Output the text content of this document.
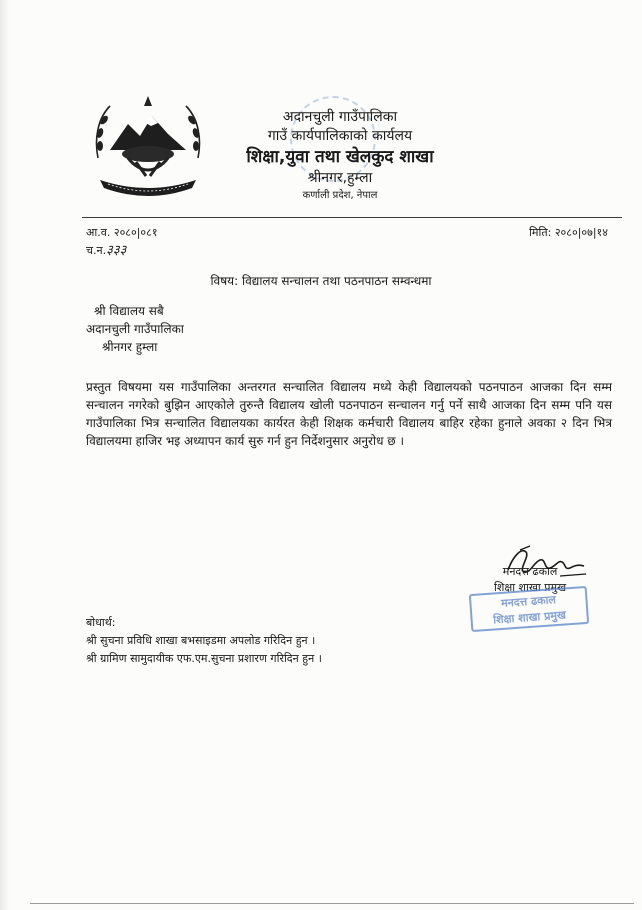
अदानचुली गाउँपालिका
गाउँ कार्यपालिकाको कार्यलय
शिक्षा,युवा तथा खेलकुद शाखा
श्रीनगर,हुम्ला
कर्णाली प्रदेश, नेपाल
आ.व. २०८०|०८१
च.न.३३३
मिति: २०८०|०७|१४
विषय: विद्यालय सन्चालन तथा पठनपाठन सम्वन्धमा
श्री विद्यालय सबै
अदानचुली गाउँपालिका
श्रीनगर हुम्ला
प्रस्तुत विषयमा यस गाउँपालिका अन्तरगत सन्चालित विद्यालय मध्ये केही विद्यालयको पठनपाठन आजका दिन सम्म सन्चालन नगरेको बुझिन आएकोले तुरुन्तै विद्यालय खोली पठनपाठन सन्चालन गर्नु पर्ने साथै आजका दिन सम्म पनि यस गाउँपालिका भित्र सन्चालित विद्यालयका कार्यरत केही शिक्षक कर्मचारी विद्यालय बाहिर रहेका हुनाले अवका २ दिन भित्र विद्यालयमा हाजिर भइ अध्यापन कार्य सुरु गर्न हुन निर्देशनुसार अनुरोध छ ।
मनदत्त ढकाल
शिक्षा शाखा प्रमुख
मनदत्त ढकाल
शिक्षा शाखा प्रमुख
बोधार्थ:
श्री सुचना प्रविधि शाखा बभसाइडमा अपलोड गरिदिन हुन ।
श्री ग्रामिण सामुदायीक एफ.एम.सुचना प्रशारण गरिदिन हुन ।
